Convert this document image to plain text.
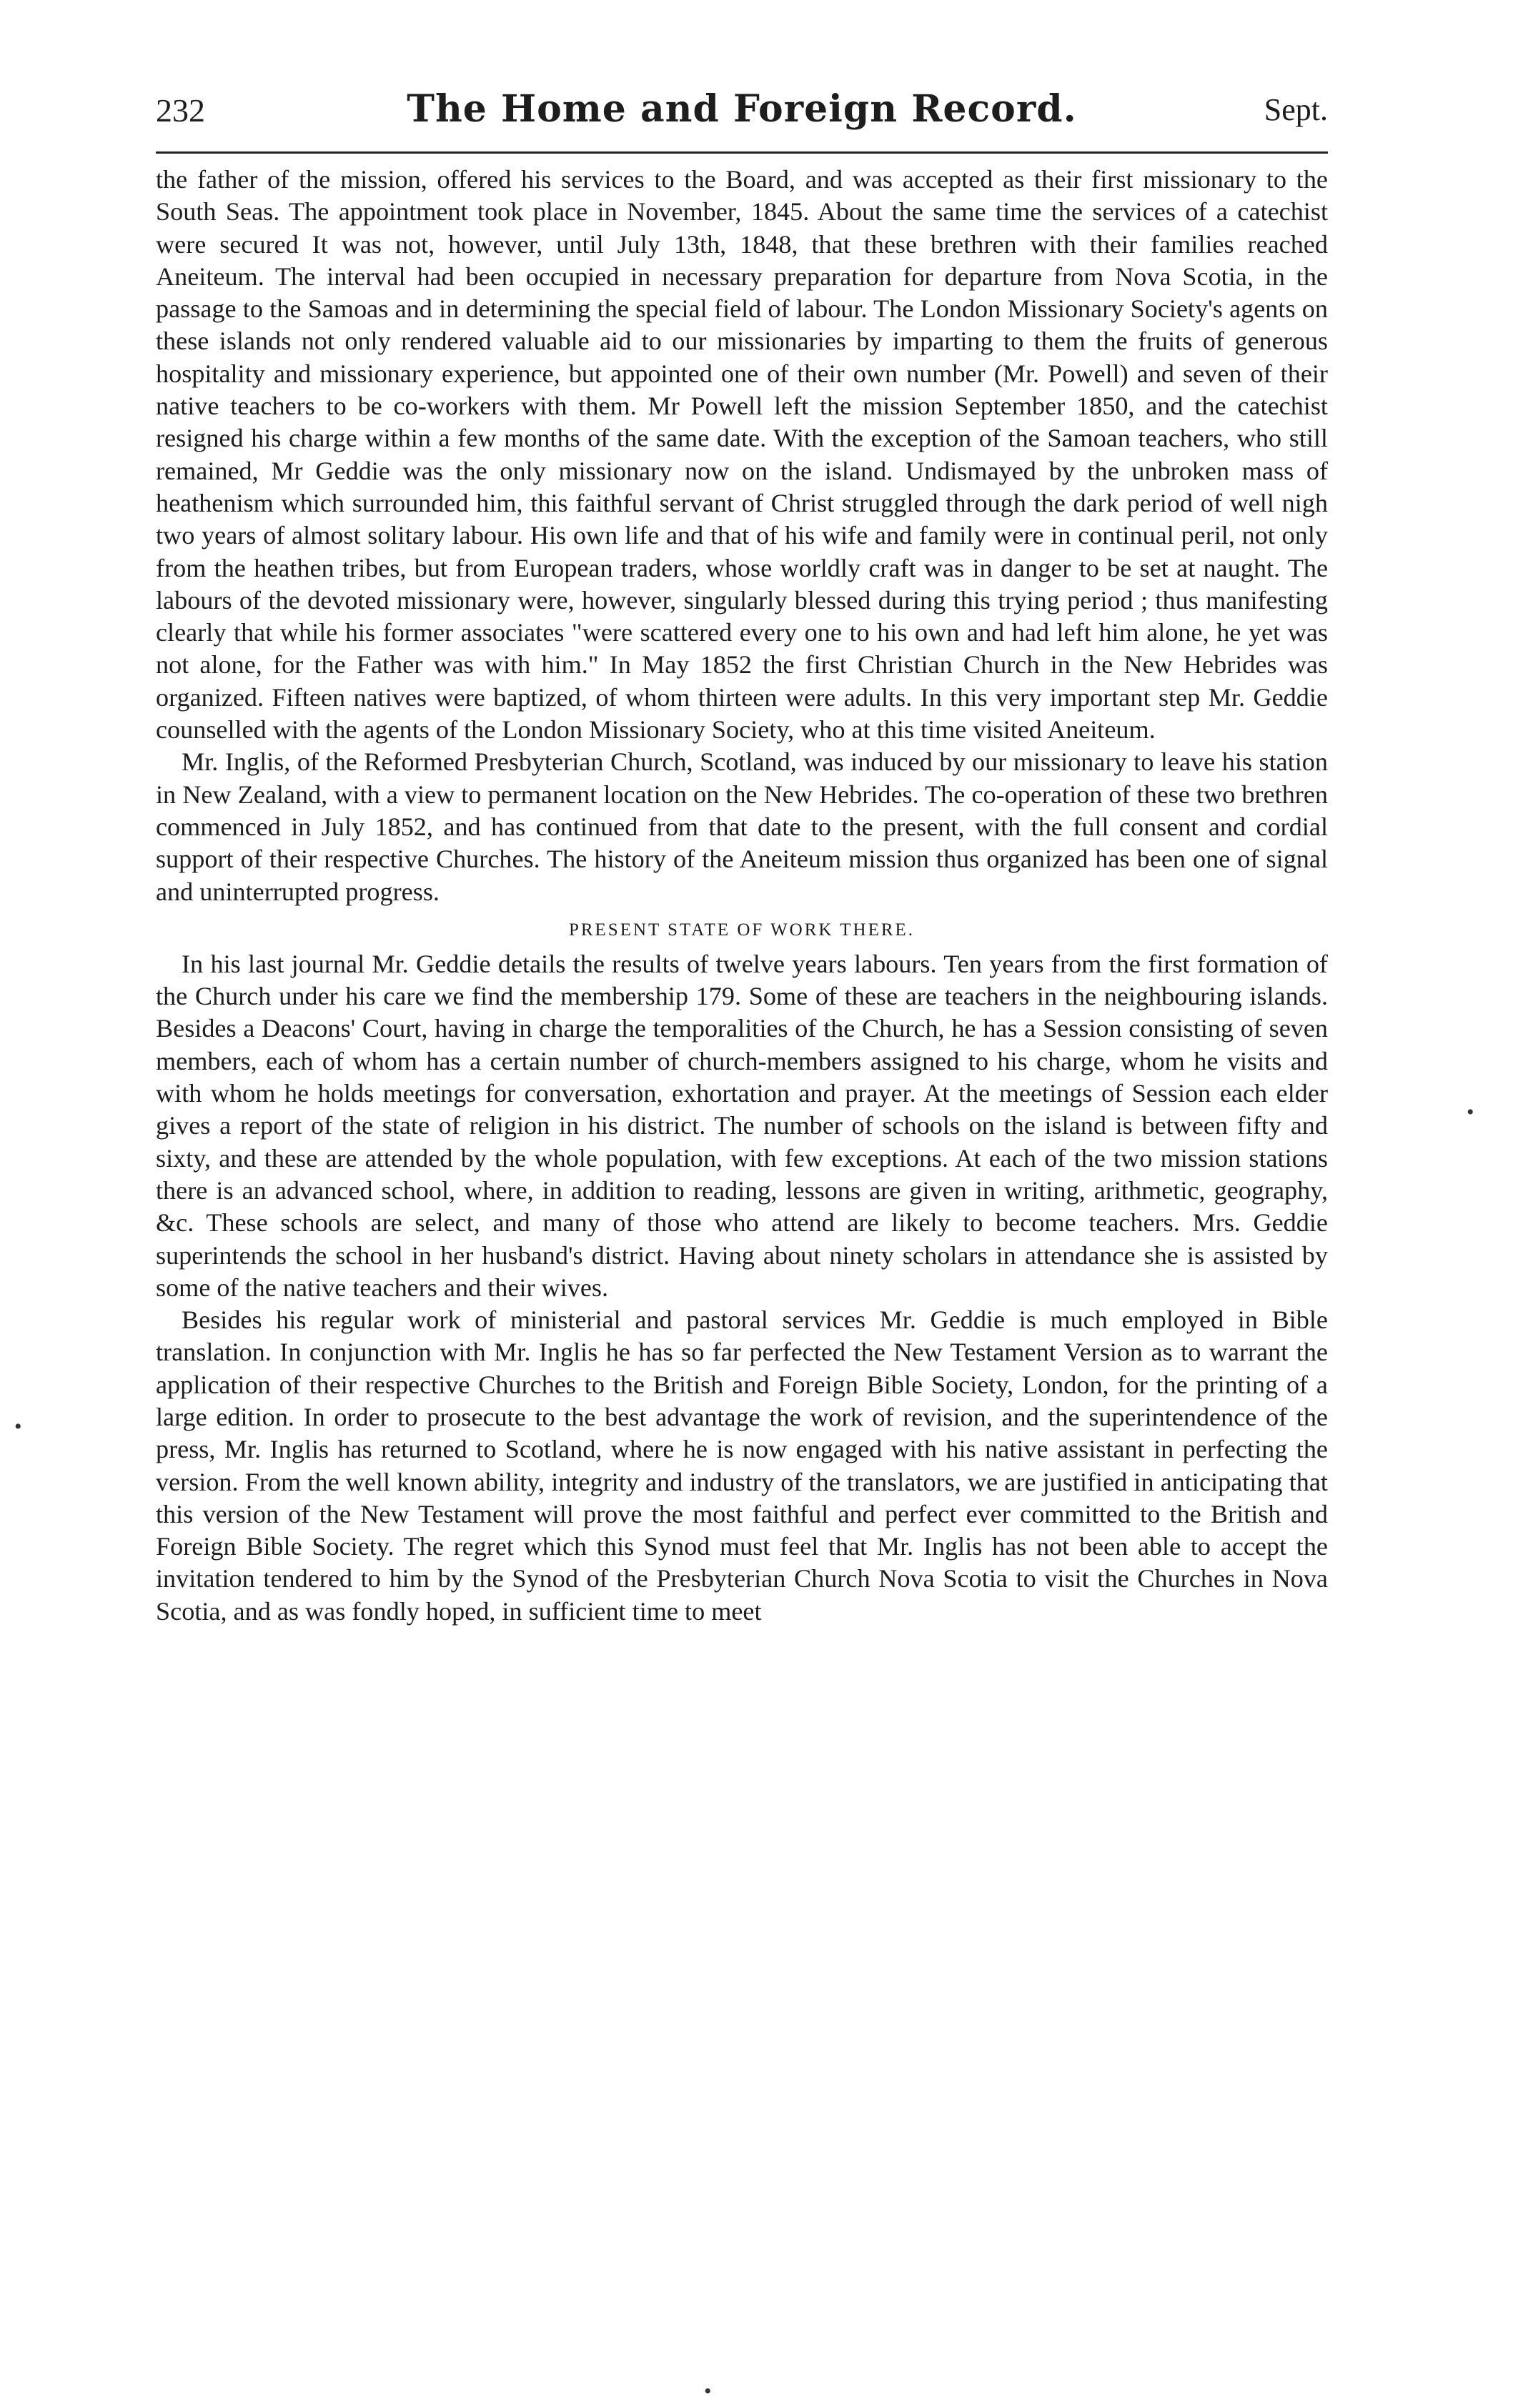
232	The Home and Foreign Record.	Sept.

the father of the mission, offered his services to the Board, and was accepted as their first missionary to the South Seas. The appointment took place in November, 1845. About the same time the services of a catechist were secured It was not, however, until July 13th, 1848, that these brethren with their families reached Aneiteum. The interval had been occupied in necessary preparation for departure from Nova Scotia, in the passage to the Samoas and in determining the special field of labour. The London Missionary Society's agents on these islands not only rendered valuable aid to our missionaries by imparting to them the fruits of generous hospitality and missionary experience, but appointed one of their own number (Mr. Powell) and seven of their native teachers to be co-workers with them. Mr Powell left the mission September 1850, and the catechist resigned his charge within a few months of the same date. With the exception of the Samoan teachers, who still remained, Mr Geddie was the only missionary now on the island. Undismayed by the unbroken mass of heathenism which surrounded him, this faithful servant of Christ struggled through the dark period of well nigh two years of almost solitary labour. His own life and that of his wife and family were in continual peril, not only from the heathen tribes, but from European traders, whose worldly craft was in danger to be set at naught. The labours of the devoted missionary were, however, singularly blessed during this trying period ; thus manifesting clearly that while his former associates "were scattered every one to his own and had left him alone, he yet was not alone, for the Father was with him." In May 1852 the first Christian Church in the New Hebrides was organized. Fifteen natives were baptized, of whom thirteen were adults. In this very important step Mr. Geddie counselled with the agents of the London Missionary Society, who at this time visited Aneiteum.

Mr. Inglis, of the Reformed Presbyterian Church, Scotland, was induced by our missionary to leave his station in New Zealand, with a view to permanent location on the New Hebrides. The co-operation of these two brethren commenced in July 1852, and has continued from that date to the present, with the full consent and cordial support of their respective Churches. The history of the Aneiteum mission thus organized has been one of signal and uninterrupted progress.

PRESENT STATE OF WORK THERE.

In his last journal Mr. Geddie details the results of twelve years labours. Ten years from the first formation of the Church under his care we find the membership 179. Some of these are teachers in the neighbouring islands. Besides a Deacons' Court, having in charge the temporalities of the Church, he has a Session consisting of seven members, each of whom has a certain number of church-members assigned to his charge, whom he visits and with whom he holds meetings for conversation, exhortation and prayer. At the meetings of Session each elder gives a report of the state of religion in his district. The number of schools on the island is between fifty and sixty, and these are attended by the whole population, with few exceptions. At each of the two mission stations there is an advanced school, where, in addition to reading, lessons are given in writing, arithmetic, geography, &c. These schools are select, and many of those who attend are likely to become teachers. Mrs. Geddie superintends the school in her husband's district. Having about ninety scholars in attendance she is assisted by some of the native teachers and their wives.

Besides his regular work of ministerial and pastoral services Mr. Geddie is much employed in Bible translation. In conjunction with Mr. Inglis he has so far perfected the New Testament Version as to warrant the application of their respective Churches to the British and Foreign Bible Society, London, for the printing of a large edition. In order to prosecute to the best advantage the work of revision, and the superintendence of the press, Mr. Inglis has returned to Scotland, where he is now engaged with his native assistant in perfecting the version. From the well known ability, integrity and industry of the translators, we are justified in anticipating that this version of the New Testament will prove the most faithful and perfect ever committed to the British and Foreign Bible Society. The regret which this Synod must feel that Mr. Inglis has not been able to accept the invitation tendered to him by the Synod of the Presbyterian Church Nova Scotia to visit the Churches in Nova Scotia, and as was fondly hoped, in sufficient time to meet

•
•
•
